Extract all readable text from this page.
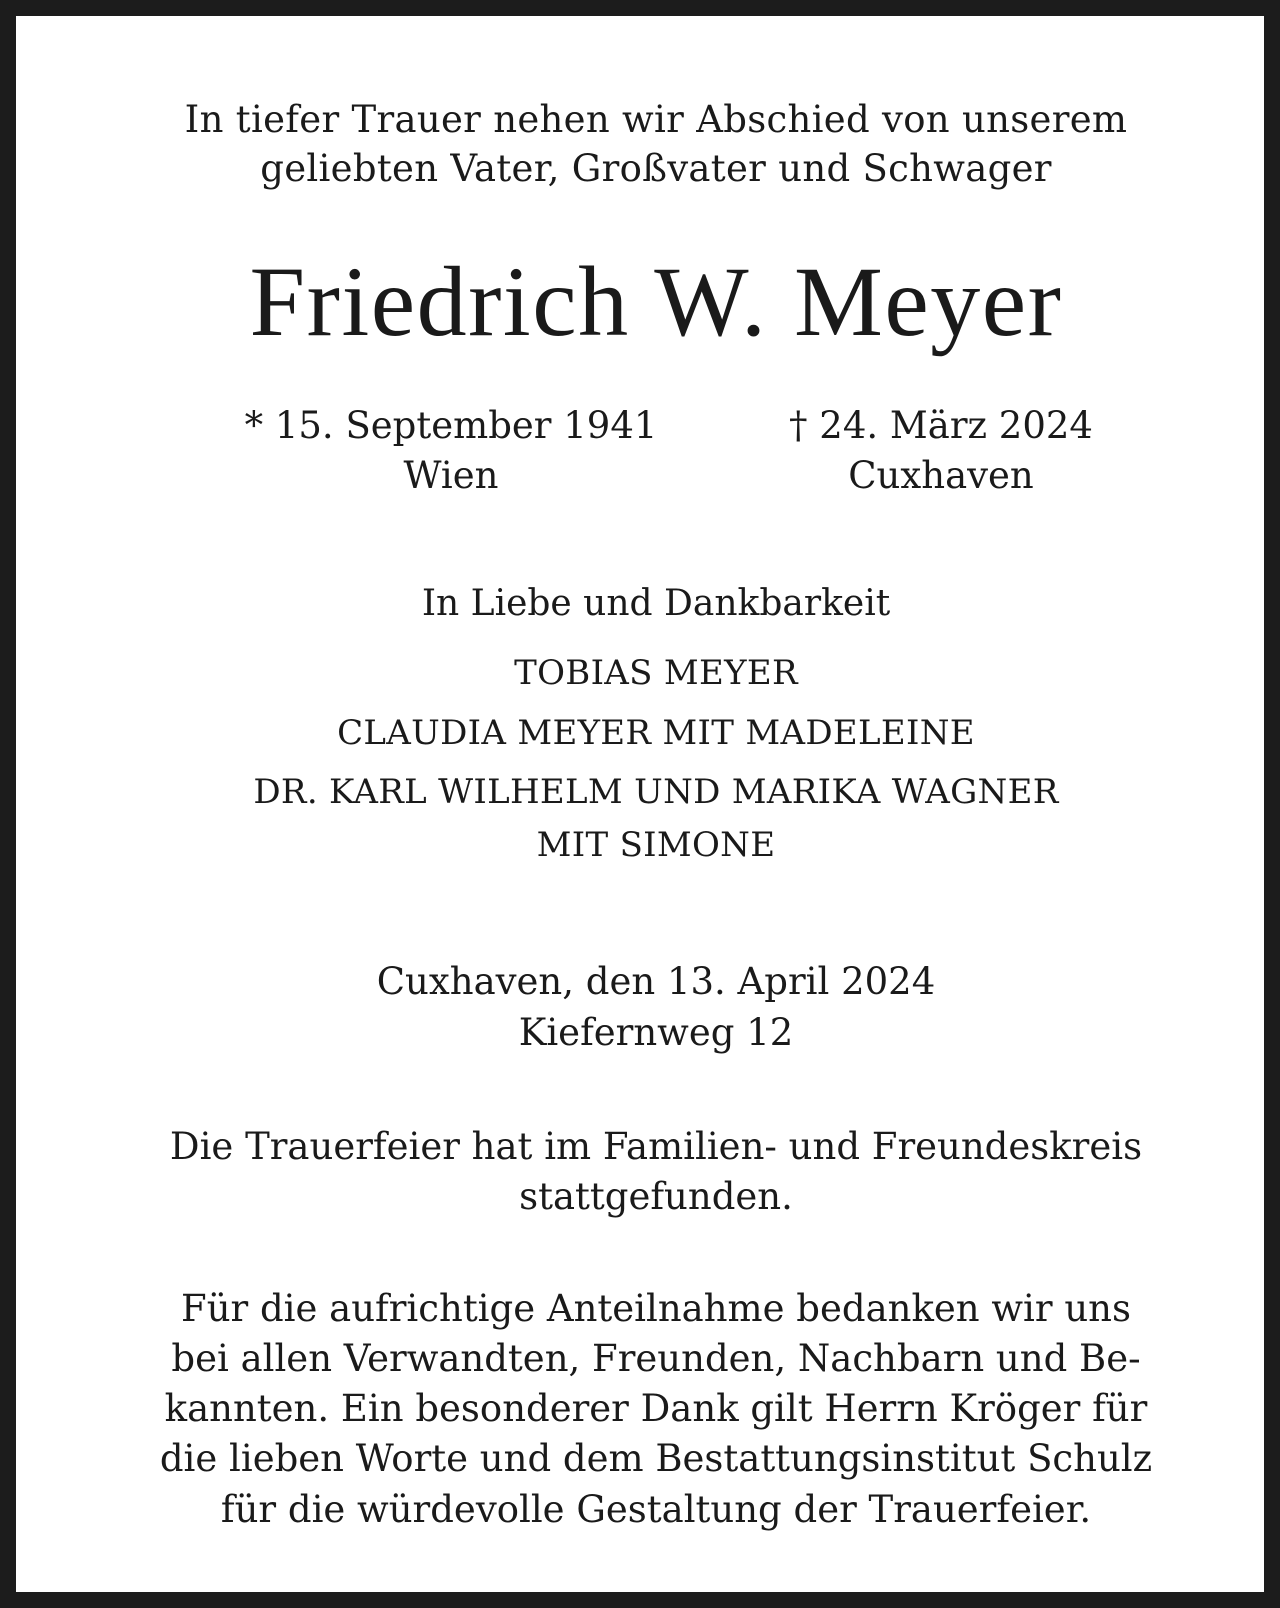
In tiefer Trauer nehen wir Abschied von unserem
geliebten Vater, Großvater und Schwager
Friedrich W. Meyer
* 15. September 1941
Wien
† 24. März 2024
Cuxhaven
In Liebe und Dankbarkeit
TOBIAS MEYER
CLAUDIA MEYER MIT MADELEINE
DR. KARL WILHELM UND MARIKA WAGNER
MIT SIMONE
Cuxhaven, den 13. April 2024
Kiefernweg 12
Die Trauerfeier hat im Familien- und Freundeskreis
stattgefunden.
Für die aufrichtige Anteilnahme bedanken wir uns
bei allen Verwandten, Freunden, Nachbarn und Be-
kannten. Ein besonderer Dank gilt Herrn Kröger für
die lieben Worte und dem Bestattungsinstitut Schulz
für die würdevolle Gestaltung der Trauerfeier.
